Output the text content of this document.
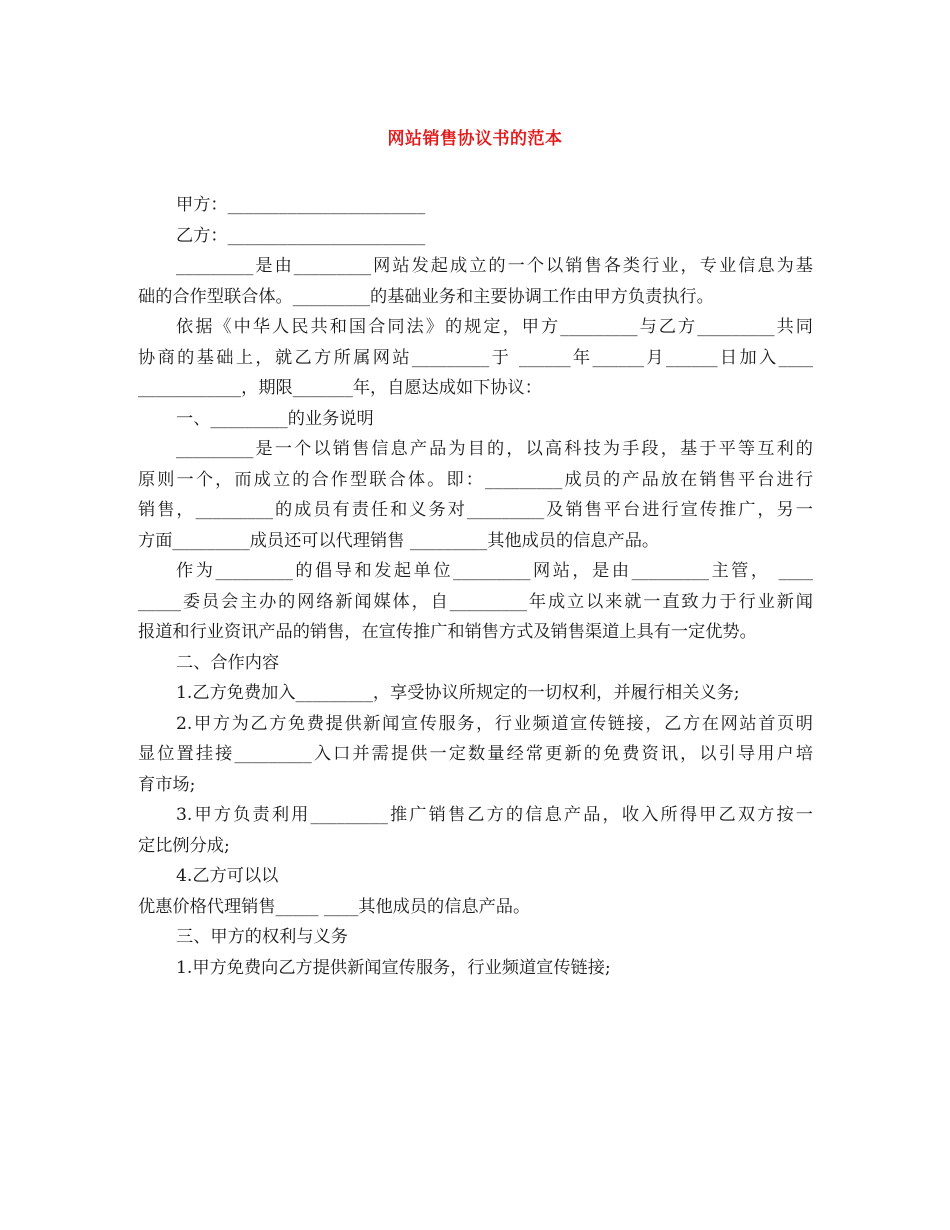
网站销售协议书的范本
甲方：_______________________
乙方：_______________________
_________是由_________网站发起成立的一个以销售各类行业，专业信息为基
础的合作型联合体。_________的基础业务和主要协调工作由甲方负责执行。
依据《中华人民共和国合同法》的规定，甲方_________与乙方_________共同
协商的基础上，就乙方所属网站_________于 ______年______月______日加入____
____________，期限_______年，自愿达成如下协议：
一、_________的业务说明
_________是一个以销售信息产品为目的，以高科技为手段，基于平等互利的
原则一个，而成立的合作型联合体。即：_________成员的产品放在销售平台进行
销售，_________的成员有责任和义务对_________及销售平台进行宣传推广，另一
方面_________成员还可以代理销售 _________其他成员的信息产品。
作为_________的倡导和发起单位_________网站，是由_________主管， ____
_____委员会主办的网络新闻媒体，自_________年成立以来就一直致力于行业新闻
报道和行业资讯产品的销售，在宣传推广和销售方式及销售渠道上具有一定优势。
二、合作内容
1.乙方免费加入_________，享受协议所规定的一切权利，并履行相关义务;
2.甲方为乙方免费提供新闻宣传服务，行业频道宣传链接，乙方在网站首页明
显位置挂接_________入口并需提供一定数量经常更新的免费资讯，以引导用户培
育市场;
3.甲方负责利用_________推广销售乙方的信息产品，收入所得甲乙双方按一
定比例分成;
4.乙方可以以
优惠价格代理销售_____ ____其他成员的信息产品。
三、甲方的权利与义务
1.甲方免费向乙方提供新闻宣传服务，行业频道宣传链接;
